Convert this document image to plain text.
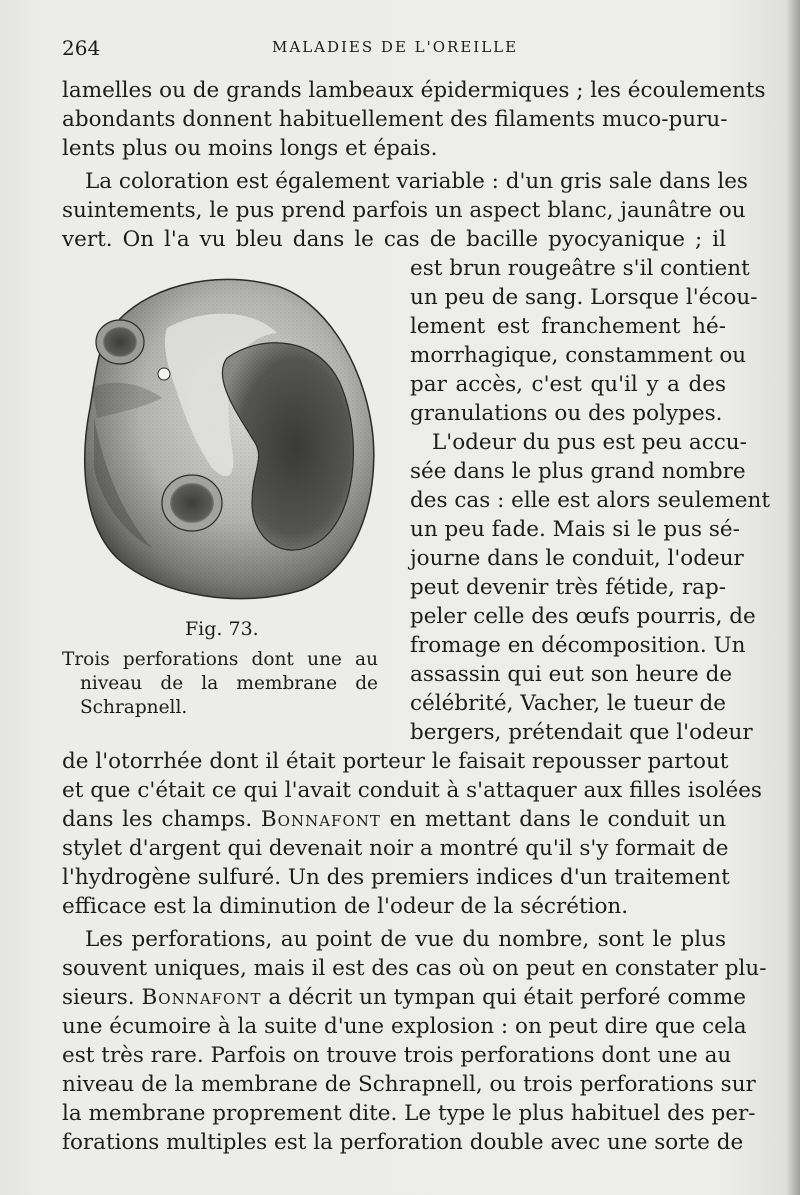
264	MALADIES DE L'OREILLE
lamelles ou de grands lambeaux épidermiques ; les écoulements
abondants donnent habituellement des filaments muco-puru-
lents plus ou moins longs et épais.
La coloration est également variable : d'un gris sale dans les
suintements, le pus prend parfois un aspect blanc, jaunâtre ou
vert. On l'a vu bleu dans le cas de bacille pyocyanique ; il
est brun rougeâtre s'il contient
un peu de sang. Lorsque l'écou-
lement est franchement hé-
morrhagique, constamment ou
par accès, c'est qu'il y a des
granulations ou des polypes.
L'odeur du pus est peu accu-
sée dans le plus grand nombre
des cas : elle est alors seulement
un peu fade. Mais si le pus sé-
journe dans le conduit, l'odeur
peut devenir très fétide, rap-
peler celle des œufs pourris, de
fromage en décomposition. Un
assassin qui eut son heure de
célébrité, Vacher, le tueur de
bergers, prétendait que l'odeur
de l'otorrhée dont il était porteur le faisait repousser partout
et que c'était ce qui l'avait conduit à s'attaquer aux filles isolées
dans les champs. Bonnafont en mettant dans le conduit un
stylet d'argent qui devenait noir a montré qu'il s'y formait de
l'hydrogène sulfuré. Un des premiers indices d'un traitement
efficace est la diminution de l'odeur de la sécrétion.
Les perforations, au point de vue du nombre, sont le plus
souvent uniques, mais il est des cas où on peut en constater plu-
sieurs. Bonnafont a décrit un tympan qui était perforé comme
une écumoire à la suite d'une explosion : on peut dire que cela
est très rare. Parfois on trouve trois perforations dont une au
niveau de la membrane de Schrapnell, ou trois perforations sur
la membrane proprement dite. Le type le plus habituel des per-
forations multiples est la perforation double avec une sorte de
Fig. 73.
Trois perforations dont une au
niveau de la membrane de
Schrapnell.
